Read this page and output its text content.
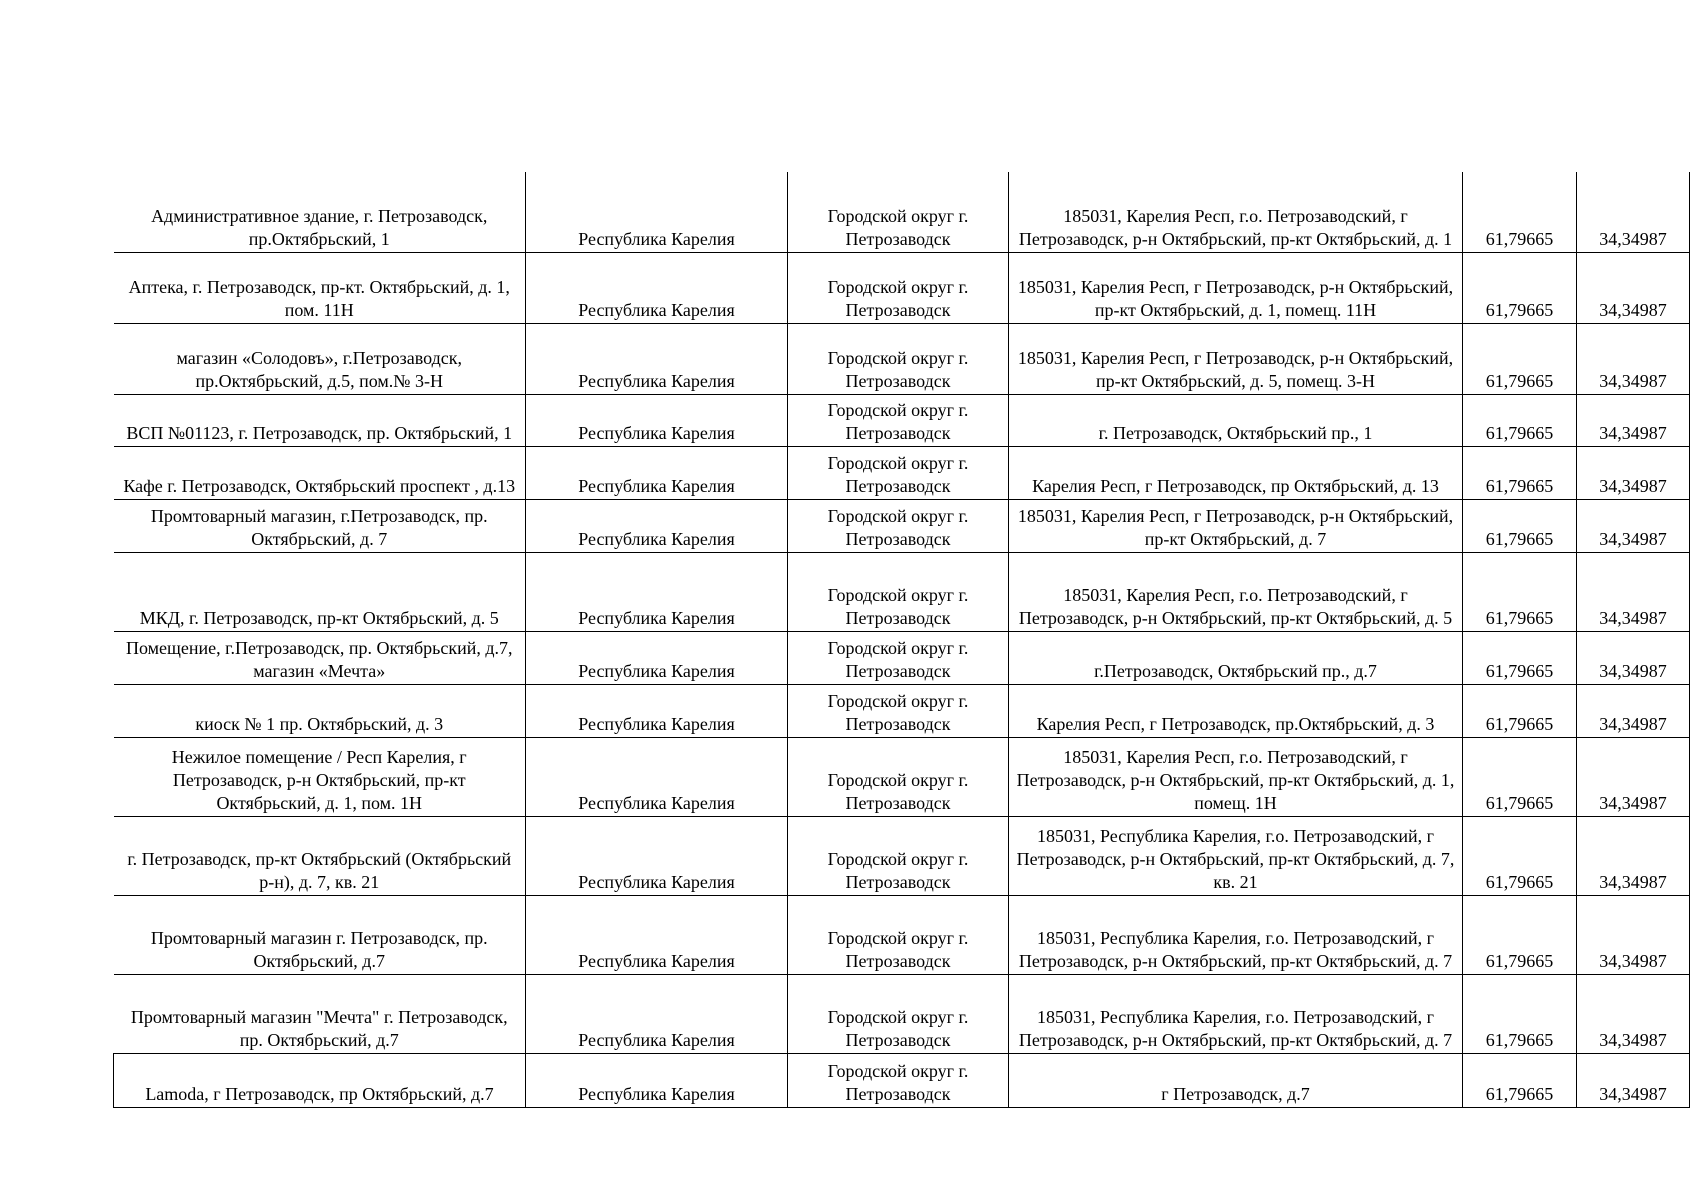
Административное здание, г. Петрозаводск, пр.Октябрьский, 1	Республика Карелия	Городской округ г. Петрозаводск	185031, Карелия Респ, г.о. Петрозаводский, г Петрозаводск, р-н Октябрьский, пр-кт Октябрьский, д. 1	61,79665	34,34987
Аптека, г. Петрозаводск, пр-кт. Октябрьский, д. 1, пом. 11Н	Республика Карелия	Городской округ г. Петрозаводск	185031, Карелия Респ, г Петрозаводск, р-н Октябрьский, пр-кт Октябрьский, д. 1, помещ. 11Н	61,79665	34,34987
магазин «Солодовъ», г.Петрозаводск, пр.Октябрьский, д.5, пом.№ 3-Н	Республика Карелия	Городской округ г. Петрозаводск	185031, Карелия Респ, г Петрозаводск, р-н Октябрьский, пр-кт Октябрьский, д. 5, помещ. 3-Н	61,79665	34,34987
ВСП №01123, г. Петрозаводск, пр. Октябрьский, 1	Республика Карелия	Городской округ г. Петрозаводск	г. Петрозаводск, Октябрьский пр., 1	61,79665	34,34987
Кафе г. Петрозаводск, Октябрьский проспект , д.13	Республика Карелия	Городской округ г. Петрозаводск	Карелия Респ, г Петрозаводск, пр Октябрьский, д. 13	61,79665	34,34987
Промтоварный магазин, г.Петрозаводск, пр. Октябрьский, д. 7	Республика Карелия	Городской округ г. Петрозаводск	185031, Карелия Респ, г Петрозаводск, р-н Октябрьский, пр-кт Октябрьский, д. 7	61,79665	34,34987
МКД, г. Петрозаводск, пр-кт Октябрьский, д. 5	Республика Карелия	Городской округ г. Петрозаводск	185031, Карелия Респ, г.о. Петрозаводский, г Петрозаводск, р-н Октябрьский, пр-кт Октябрьский, д. 5	61,79665	34,34987
Помещение, г.Петрозаводск, пр. Октябрьский, д.7, магазин «Мечта»	Республика Карелия	Городской округ г. Петрозаводск	г.Петрозаводск, Октябрьский пр., д.7	61,79665	34,34987
киоск № 1 пр. Октябрьский, д. 3	Республика Карелия	Городской округ г. Петрозаводск	Карелия Респ, г Петрозаводск, пр.Октябрьский, д. 3	61,79665	34,34987
Нежилое помещение / Респ Карелия, г Петрозаводск, р-н Октябрьский, пр-кт Октябрьский, д. 1, пом. 1Н	Республика Карелия	Городской округ г. Петрозаводск	185031, Карелия Респ, г.о. Петрозаводский, г Петрозаводск, р-н Октябрьский, пр-кт Октябрьский, д. 1, помещ. 1Н	61,79665	34,34987
г. Петрозаводск, пр-кт Октябрьский (Октябрьский р-н), д. 7, кв. 21	Республика Карелия	Городской округ г. Петрозаводск	185031, Республика Карелия, г.о. Петрозаводский, г Петрозаводск, р-н Октябрьский, пр-кт Октябрьский, д. 7, кв. 21	61,79665	34,34987
Промтоварный магазин г. Петрозаводск, пр. Октябрьский, д.7	Республика Карелия	Городской округ г. Петрозаводск	185031, Республика Карелия, г.о. Петрозаводский, г Петрозаводск, р-н Октябрьский, пр-кт Октябрьский, д. 7	61,79665	34,34987
Промтоварный магазин "Мечта" г. Петрозаводск, пр. Октябрьский, д.7	Республика Карелия	Городской округ г. Петрозаводск	185031, Республика Карелия, г.о. Петрозаводский, г Петрозаводск, р-н Октябрьский, пр-кт Октябрьский, д. 7	61,79665	34,34987
Lamoda, г Петрозаводск, пр Октябрьский, д.7	Республика Карелия	Городской округ г. Петрозаводск	г Петрозаводск, д.7	61,79665	34,34987
